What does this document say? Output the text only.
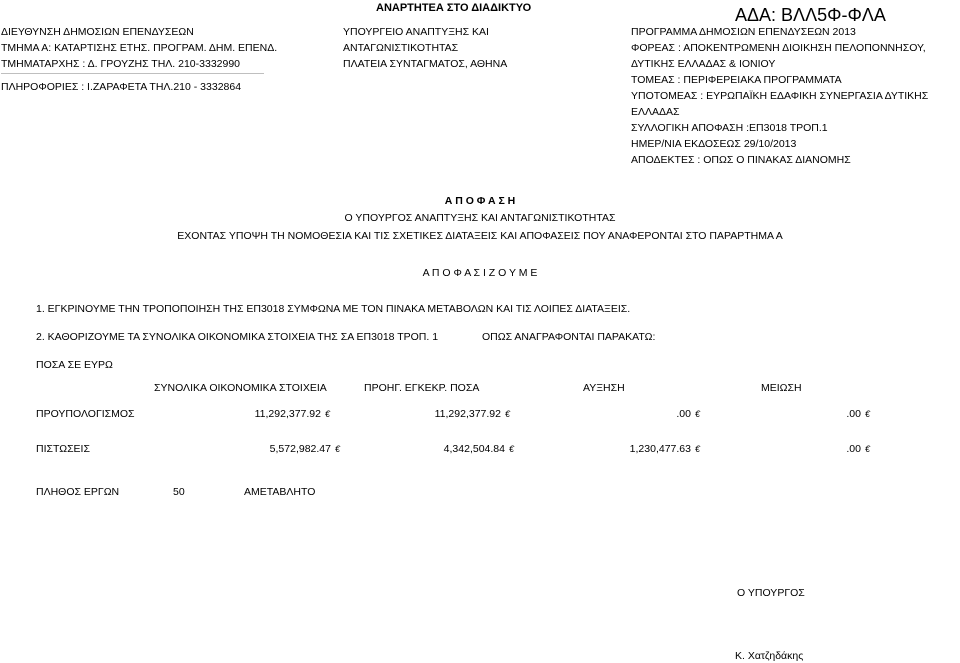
ΑΝΑΡΤΗΤΕΑ ΣΤΟ ΔΙΑΔΙΚΤΥΟ	ΑΔΑ: ΒΛΛ5Φ-ΦΛΑ
ΔΙΕΥΘΥΝΣΗ ΔΗΜΟΣΙΩΝ ΕΠΕΝΔΥΣΕΩΝ
ΤΜΗΜΑ Α: ΚΑΤΑΡΤΙΣΗΣ ΕΤΗΣ. ΠΡΟΓΡΑΜ. ΔΗΜ. ΕΠΕΝΔ.
ΤΜΗΜΑΤΑΡΧΗΣ : Δ. ΓΡΟΥΖΗΣ ΤΗΛ. 210-3332990
ΠΛΗΡΟΦΟΡΙΕΣ : Ι.ΖΑΡΑΦΕΤΑ ΤΗΛ.210 - 3332864
ΥΠΟΥΡΓΕΙΟ ΑΝΑΠΤΥΞΗΣ ΚΑΙ
ΑΝΤΑΓΩΝΙΣΤΙΚΟΤΗΤΑΣ
ΠΛΑΤΕΙΑ ΣΥΝΤΑΓΜΑΤΟΣ, ΑΘΗΝΑ
ΠΡΟΓΡΑΜΜΑ ΔΗΜΟΣΙΩΝ ΕΠΕΝΔΥΣΕΩΝ 2013
ΦΟΡΕΑΣ : ΑΠΟΚΕΝΤΡΩΜΕΝΗ ΔΙΟΙΚΗΣΗ ΠΕΛΟΠΟΝΝΗΣΟΥ,
ΔΥΤΙΚΗΣ ΕΛΛΑΔΑΣ & ΙΟΝΙΟΥ
ΤΟΜΕΑΣ : ΠΕΡΙΦΕΡΕΙΑΚΑ ΠΡΟΓΡΑΜΜΑΤΑ
ΥΠΟΤΟΜΕΑΣ : ΕΥΡΩΠΑΪΚΗ ΕΔΑΦΙΚΗ ΣΥΝΕΡΓΑΣΙΑ ΔΥΤΙΚΗΣ
ΕΛΛΑΔΑΣ
ΣΥΛΛΟΓΙΚΗ ΑΠΟΦΑΣΗ :ΕΠ3018 ΤΡΟΠ.1
ΗΜΕΡ/ΝΙΑ ΕΚΔΟΣΕΩΣ 29/10/2013
ΑΠΟΔΕΚΤΕΣ : ΟΠΩΣ Ο ΠΙΝΑΚΑΣ ΔΙΑΝΟΜΗΣ
Α Π Ο Φ Α Σ Η
Ο ΥΠΟΥΡΓΟΣ ΑΝΑΠΤΥΞΗΣ ΚΑΙ ΑΝΤΑΓΩΝΙΣΤΙΚΟΤΗΤΑΣ
ΕΧΟΝΤΑΣ ΥΠΟΨΗ ΤΗ ΝΟΜΟΘΕΣΙΑ ΚΑΙ ΤΙΣ ΣΧΕΤΙΚΕΣ ΔΙΑΤΑΞΕΙΣ ΚΑΙ ΑΠΟΦΑΣΕΙΣ ΠΟΥ ΑΝΑΦΕΡΟΝΤΑΙ ΣΤΟ ΠΑΡΑΡΤΗΜΑ Α
Α Π Ο Φ Α Σ Ι Ζ Ο Υ Μ Ε
1. ΕΓΚΡΙΝΟΥΜΕ ΤΗΝ ΤΡΟΠΟΠΟΙΗΣΗ ΤΗΣ ΕΠ3018 ΣΥΜΦΩΝΑ ΜΕ ΤΟΝ ΠΙΝΑΚΑ ΜΕΤΑΒΟΛΩΝ ΚΑΙ ΤΙΣ ΛΟΙΠΕΣ ΔΙΑΤΑΞΕΙΣ.
2. ΚΑΘΟΡΙΖΟΥΜΕ ΤΑ ΣΥΝΟΛΙΚΑ ΟΙΚΟΝΟΜΙΚΑ ΣΤΟΙΧΕΙΑ ΤΗΣ ΣΑ ΕΠ3018 ΤΡΟΠ. 1	ΟΠΩΣ ΑΝΑΓΡΑΦΟΝΤΑΙ ΠΑΡΑΚΑΤΩ:
ΠΟΣΑ ΣΕ ΕΥΡΩ
ΣΥΝΟΛΙΚΑ ΟΙΚΟΝΟΜΙΚΑ ΣΤΟΙΧΕΙΑ	ΠΡΟΗΓ. ΕΓΚΕΚΡ. ΠΟΣΑ	ΑΥΞΗΣΗ	ΜΕΙΩΣΗ
ΠΡΟΥΠΟΛΟΓΙΣΜΟΣ	11,292,377.92 €	11,292,377.92 €	.00 €	.00 €
ΠΙΣΤΩΣΕΙΣ	5,572,982.47 €	4,342,504.84 €	1,230,477.63 €	.00 €
ΠΛΗΘΟΣ ΕΡΓΩΝ	50	ΑΜΕΤΑΒΛΗΤΟ
Ο ΥΠΟΥΡΓΟΣ
Κ. Χατζηδάκης
